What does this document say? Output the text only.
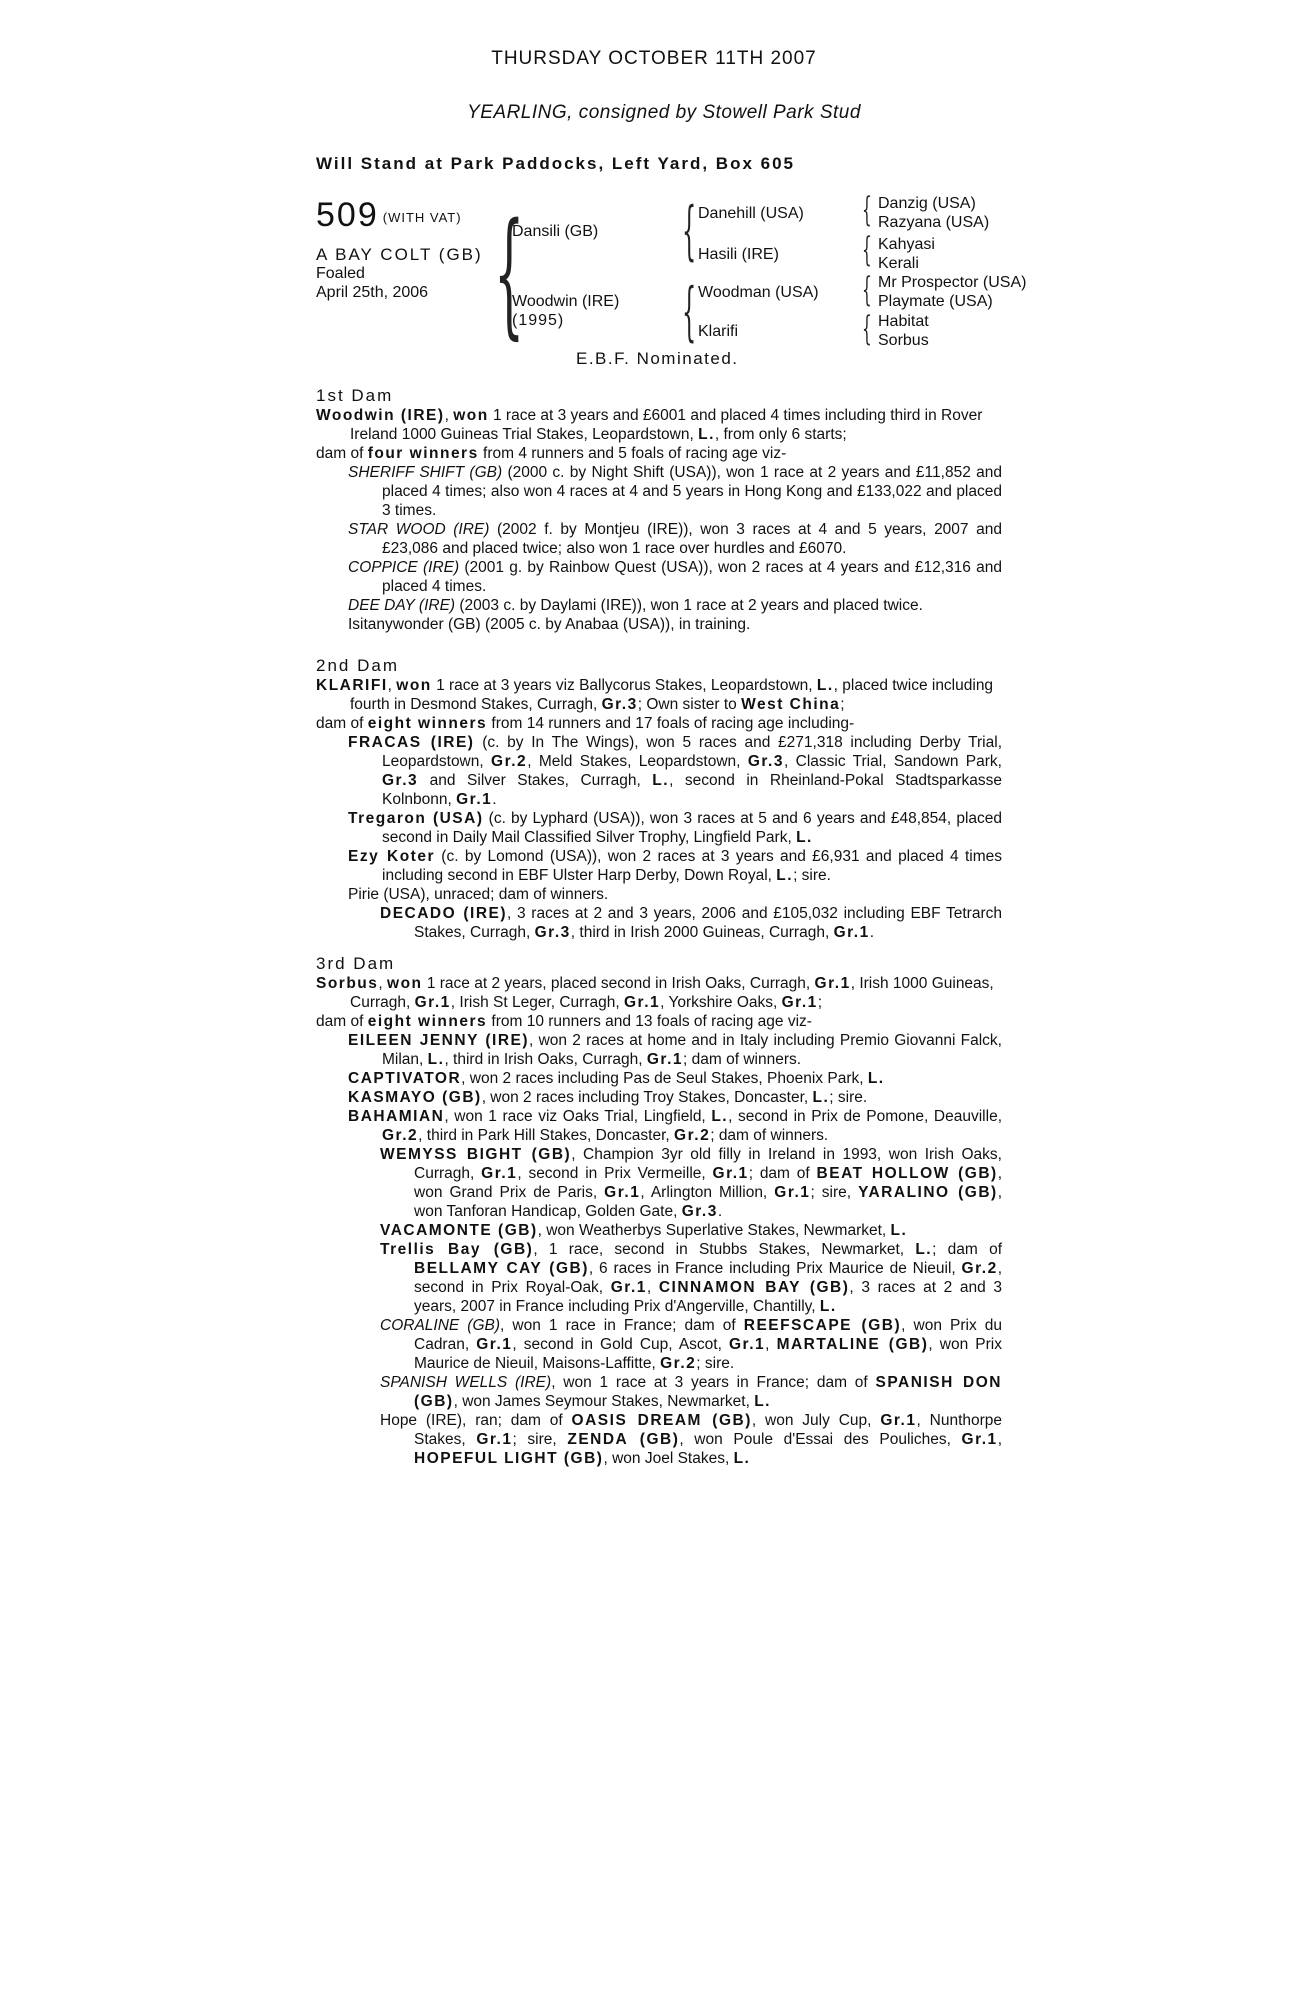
THURSDAY OCTOBER 11TH 2007
YEARLING, consigned by Stowell Park Stud
Will Stand at Park Paddocks, Left Yard, Box 605
509 (WITH VAT)
A BAY COLT (GB)
Foaled
April 25th, 2006 { {
{
{
{
{
{
Dansili (GB)
Woodwin (IRE)
(1995)
Danehill (USA)
Hasili (IRE)
Woodman (USA)
Klarifi
Danzig (USA)
Razyana (USA)
Kahyasi
Kerali
Mr Prospector (USA)
Playmate (USA)
Habitat
Sorbus
E.B.F. Nominated.
1st Dam

Woodwin (IRE), won 1 race at 3 years and £6001 and placed 4 times including third in Rover Ireland 1000 Guineas Trial Stakes, Leopardstown, L., from only 6 starts;

dam of four winners from 4 runners and 5 foals of racing age viz-

SHERIFF SHIFT (GB) (2000 c. by Night Shift (USA)), won 1 race at 2 years and £11,852 and placed 4 times; also won 4 races at 4 and 5 years in Hong Kong and £133,022 and placed 3 times.

STAR WOOD (IRE) (2002 f. by Montjeu (IRE)), won 3 races at 4 and 5 years, 2007 and £23,086 and placed twice; also won 1 race over hurdles and £6070.

COPPICE (IRE) (2001 g. by Rainbow Quest (USA)), won 2 races at 4 years and £12,316 and placed 4 times.

DEE DAY (IRE) (2003 c. by Daylami (IRE)), won 1 race at 2 years and placed twice.

Isitanywonder (GB) (2005 c. by Anabaa (USA)), in training.

2nd Dam

KLARIFI, won 1 race at 3 years viz Ballycorus Stakes, Leopardstown, L., placed twice including fourth in Desmond Stakes, Curragh, Gr.3; Own sister to West China;

dam of eight winners from 14 runners and 17 foals of racing age including-

FRACAS (IRE) (c. by In The Wings), won 5 races and £271,318 including Derby Trial, Leopardstown, Gr.2, Meld Stakes, Leopardstown, Gr.3, Classic Trial, Sandown Park, Gr.3 and Silver Stakes, Curragh, L., second in Rheinland-Pokal Stadtsparkasse Kolnbonn, Gr.1.

Tregaron (USA) (c. by Lyphard (USA)), won 3 races at 5 and 6 years and £48,854, placed second in Daily Mail Classified Silver Trophy, Lingfield Park, L.

Ezy Koter (c. by Lomond (USA)), won 2 races at 3 years and £6,931 and placed 4 times including second in EBF Ulster Harp Derby, Down Royal, L.; sire.

Pirie (USA), unraced; dam of winners.

DECADO (IRE), 3 races at 2 and 3 years, 2006 and £105,032 including EBF Tetrarch Stakes, Curragh, Gr.3, third in Irish 2000 Guineas, Curragh, Gr.1.

3rd Dam

Sorbus, won 1 race at 2 years, placed second in Irish Oaks, Curragh, Gr.1, Irish 1000 Guineas, Curragh, Gr.1, Irish St Leger, Curragh, Gr.1, Yorkshire Oaks, Gr.1;

dam of eight winners from 10 runners and 13 foals of racing age viz-

EILEEN JENNY (IRE), won 2 races at home and in Italy including Premio Giovanni Falck, Milan, L., third in Irish Oaks, Curragh, Gr.1; dam of winners.

CAPTIVATOR, won 2 races including Pas de Seul Stakes, Phoenix Park, L.

KASMAYO (GB), won 2 races including Troy Stakes, Doncaster, L.; sire.

BAHAMIAN, won 1 race viz Oaks Trial, Lingfield, L., second in Prix de Pomone, Deauville, Gr.2, third in Park Hill Stakes, Doncaster, Gr.2; dam of winners.

WEMYSS BIGHT (GB), Champion 3yr old filly in Ireland in 1993, won Irish Oaks, Curragh, Gr.1, second in Prix Vermeille, Gr.1; dam of BEAT HOLLOW (GB), won Grand Prix de Paris, Gr.1, Arlington Million, Gr.1; sire, YARALINO (GB), won Tanforan Handicap, Golden Gate, Gr.3.

VACAMONTE (GB), won Weatherbys Superlative Stakes, Newmarket, L.

Trellis Bay (GB), 1 race, second in Stubbs Stakes, Newmarket, L.; dam of BELLAMY CAY (GB), 6 races in France including Prix Maurice de Nieuil, Gr.2, second in Prix Royal-Oak, Gr.1, CINNAMON BAY (GB), 3 races at 2 and 3 years, 2007 in France including Prix d'Angerville, Chantilly, L.

CORALINE (GB), won 1 race in France; dam of REEFSCAPE (GB), won Prix du Cadran, Gr.1, second in Gold Cup, Ascot, Gr.1, MARTALINE (GB), won Prix Maurice de Nieuil, Maisons-Laffitte, Gr.2; sire.

SPANISH WELLS (IRE), won 1 race at 3 years in France; dam of SPANISH DON (GB), won James Seymour Stakes, Newmarket, L.

Hope (IRE), ran; dam of OASIS DREAM (GB), won July Cup, Gr.1, Nunthorpe Stakes, Gr.1; sire, ZENDA (GB), won Poule d'Essai des Pouliches, Gr.1, HOPEFUL LIGHT (GB), won Joel Stakes, L.
